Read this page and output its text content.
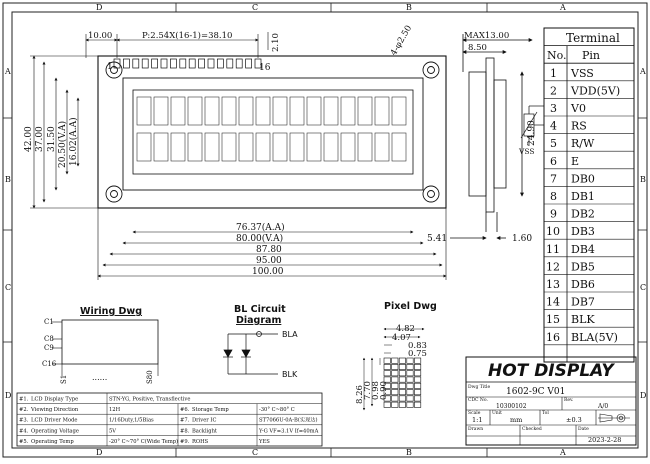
D	C	B	A
D	C	B	A
A
B
C
D
A
B
C
D
1	16
10.00	P:2.54X(16-1)=38.10	2.10	4-φ2.50
76.37(A.A)
80.00(V.A)
87.80
95.00
100.00
42.00 37.00 31.50 20.50(V.A) 16.02(A.A)
MAX13.00
8.50
24.90
5.41	1.60
VSS
Terminal
No. Pin
1 VSS
2 VDD(5V)
3 V0
4 RS
5 R/W
6 E
7 DB0
8 DB1
9 DB2
10 DB3
11 DB4
12 DB5
13 DB6
14 DB7
15 BLK
16 BLA(5V)
Wiring Dwg
C1
C8
C9
C16
S1	S80
......
BL Circuit
Diagram
BLA
BLK
Pixel Dwg
4.82
4.07
0.83
0.75
8.26
7.70
0.98
0.90
#1. LCD Display Type	STN-YG, Positive, Transflective
#2. Viewing Direction	12H	#6. Storage Temp	-30° C~80° C
#3. LCD Driver Mode	1/16Duty,1/5Bias	#7. Driver IC	ST7066U-0A-B(实现达)
#4. Operating Voltage	5V	#8. Backlight	Y-G VF=3.1V If=40mA
#5. Operating Temp	-20° C~70° C(Wide Temp) #9. ROHS	YES
HOT DISPLAY
Dwg Title 1602-9C V01
CDC No.
10300102
Rev.
A/0
Scale
1:1
Unit
mm
Tol
±0.3
Drawn	Checked	Date
2023-2-28
